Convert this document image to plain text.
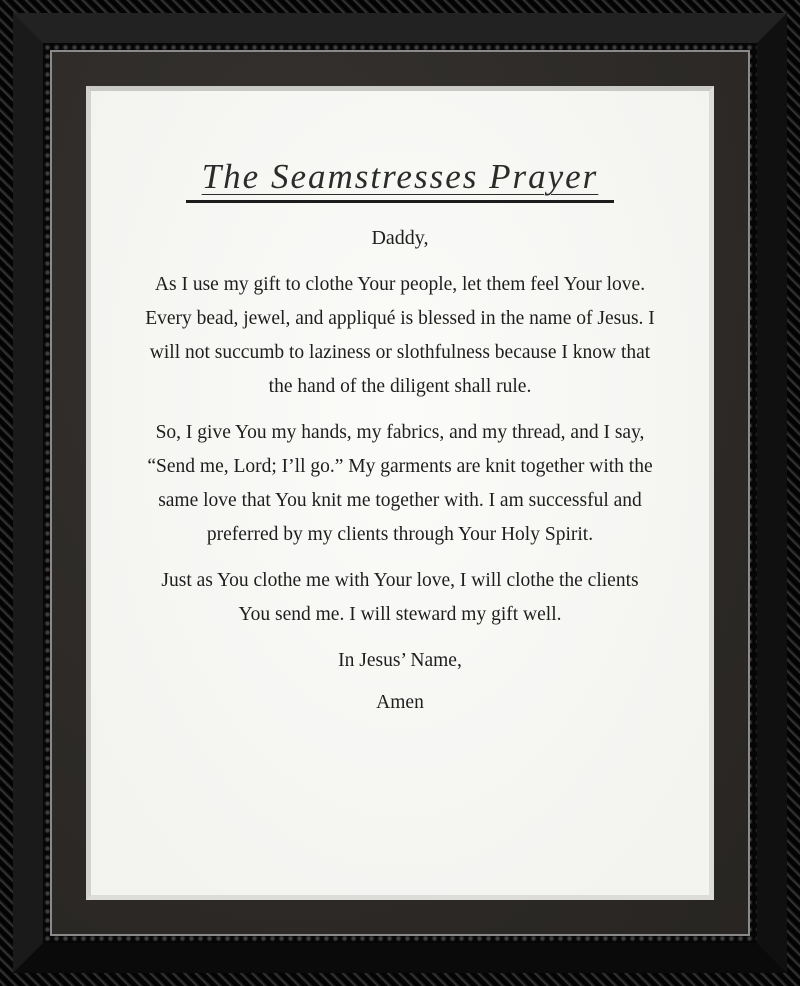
The Seamstresses Prayer
Daddy,

As I use my gift to clothe Your people, let them feel Your love. Every bead, jewel, and appliqué is blessed in the name of Jesus. I will not succumb to laziness or slothfulness because I know that the hand of the diligent shall rule.

So, I give You my hands, my fabrics, and my thread, and I say, “Send me, Lord; I’ll go.” My garments are knit together with the same love that You knit me together with. I am successful and preferred by my clients through Your Holy Spirit.

Just as You clothe me with Your love, I will clothe the clients You send me. I will steward my gift well.

In Jesus’ Name,
Amen
